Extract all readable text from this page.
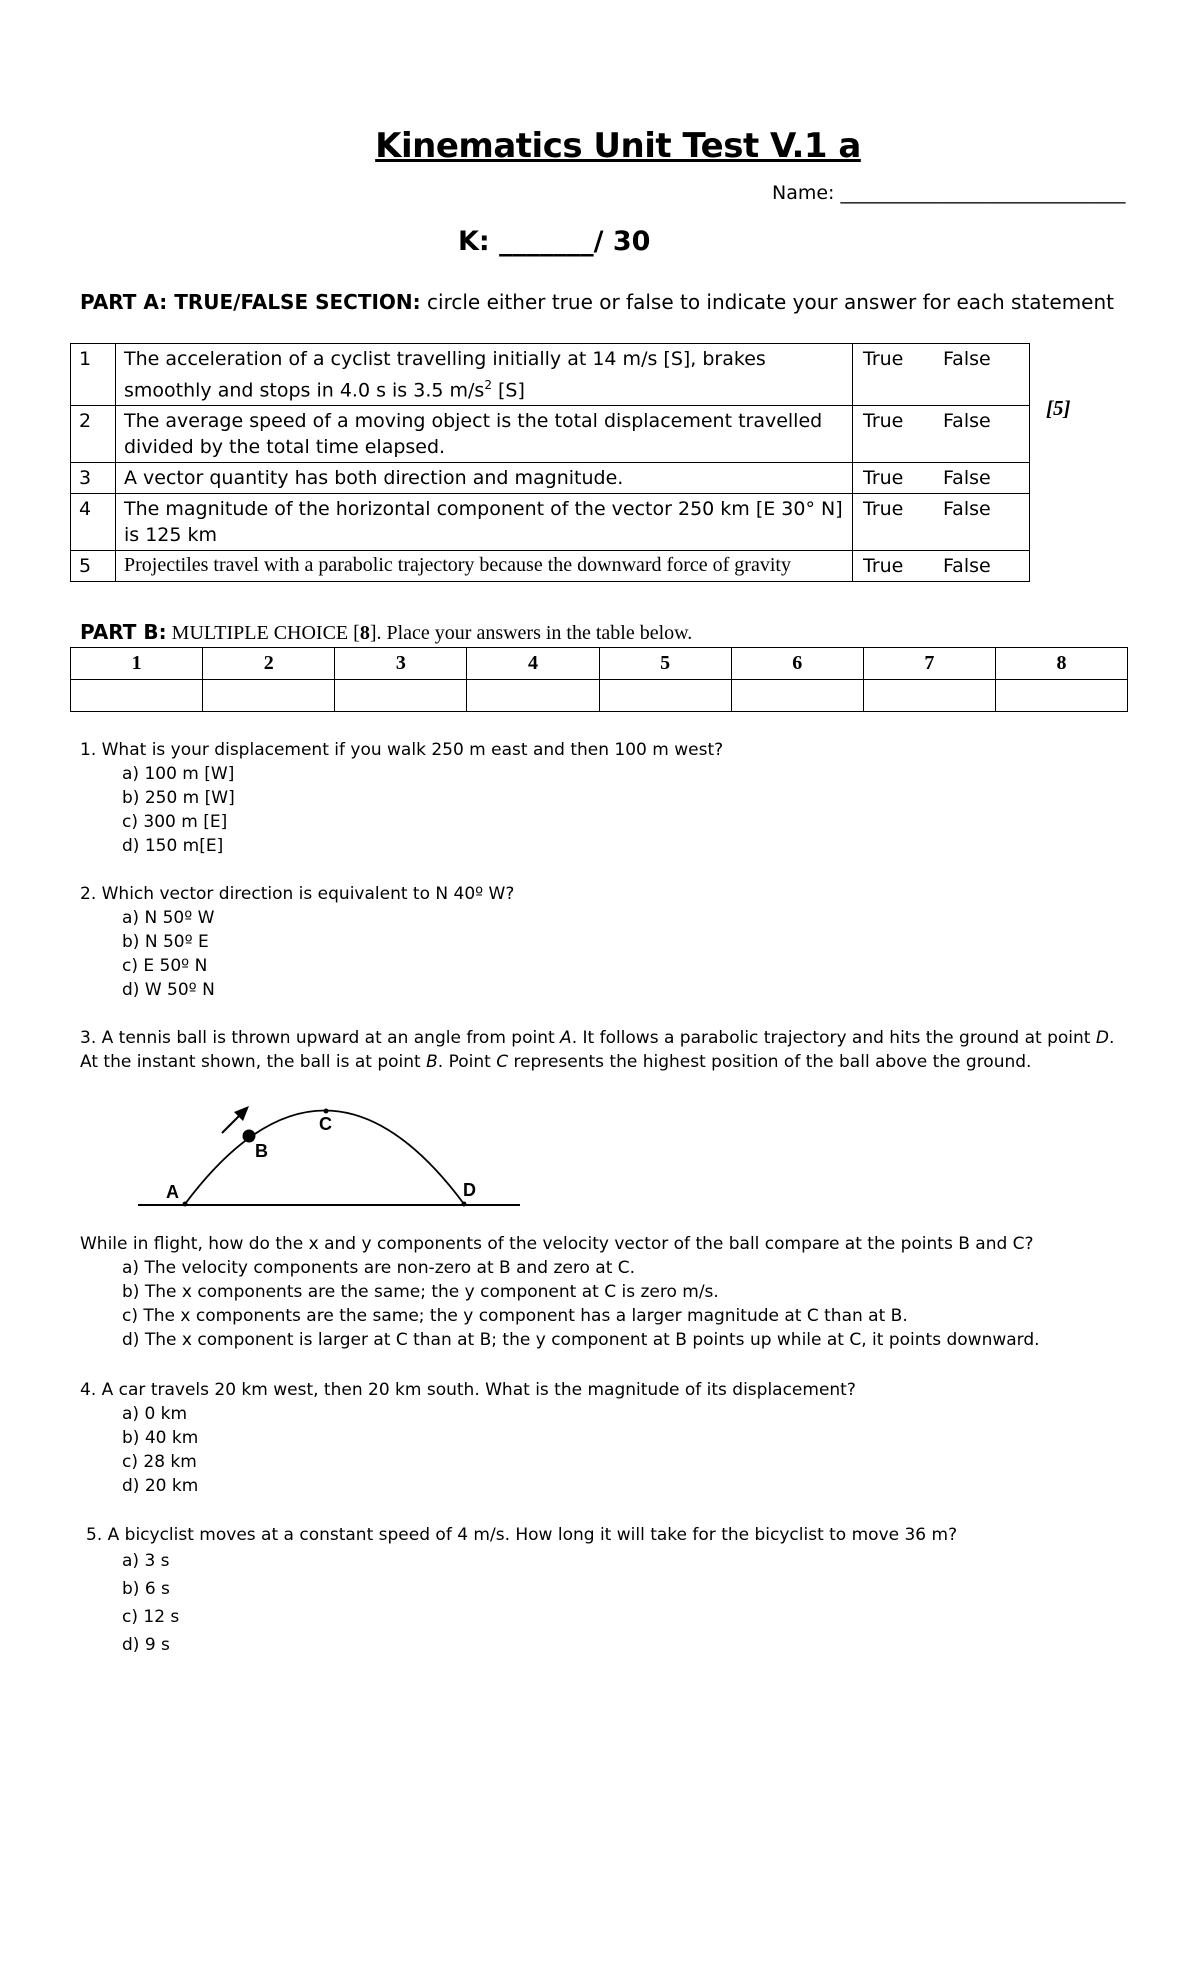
Kinematics Unit Test V.1 a
Name: ______________________________
K: _______/ 30
PART A: TRUE/FALSE SECTION: circle either true or false to indicate your answer for each statement
1	The acceleration of a cyclist travelling initially at 14 m/s [S], brakes smoothly and stops in 4.0 s is 3.5 $m/s^2$ [S]	True False
2	The average speed of a moving object is the total displacement travelled divided by the total time elapsed.	True False
3	A vector quantity has both direction and magnitude.	True False
4	The magnitude of the horizontal component of the vector 250 km [E 30° N] is 125 km	True False
5	Projectiles travel with a parabolic trajectory because the downward force of gravity	True False
[5]
PART B: MULTIPLE CHOICE [8]. Place your answers in the table below.
1	2	3	4	5	6	7	8

1. What is your displacement if you walk 250 m east and then 100 m west?
a) 100 m [W]
b) 250 m [W]
c) 300 m [E]
d) 150 m[E]
2. Which vector direction is equivalent to N 40º W?
a) N 50º W
b) N 50º E
c) E 50º N
d) W 50º N
3. A tennis ball is thrown upward at an angle from point A. It follows a parabolic trajectory and hits the ground at point D. At the instant shown, the ball is at point B. Point C represents the highest position of the ball above the ground.
A
B
C
D
While in flight, how do the x and y components of the velocity vector of the ball compare at the points B and C?
a) The velocity components are non-zero at B and zero at C.
b) The x components are the same; the y component at C is zero m/s.
c) The x components are the same; the y component has a larger magnitude at C than at B.
d) The x component is larger at C than at B; the y component at B points up while at C, it points downward.
4. A car travels 20 km west, then 20 km south. What is the magnitude of its displacement?
a) 0 km
b) 40 km
c) 28 km
d) 20 km
5. A bicyclist moves at a constant speed of 4 m/s. How long it will take for the bicyclist to move 36 m?
a) 3 s
b) 6 s
c) 12 s
d) 9 s
